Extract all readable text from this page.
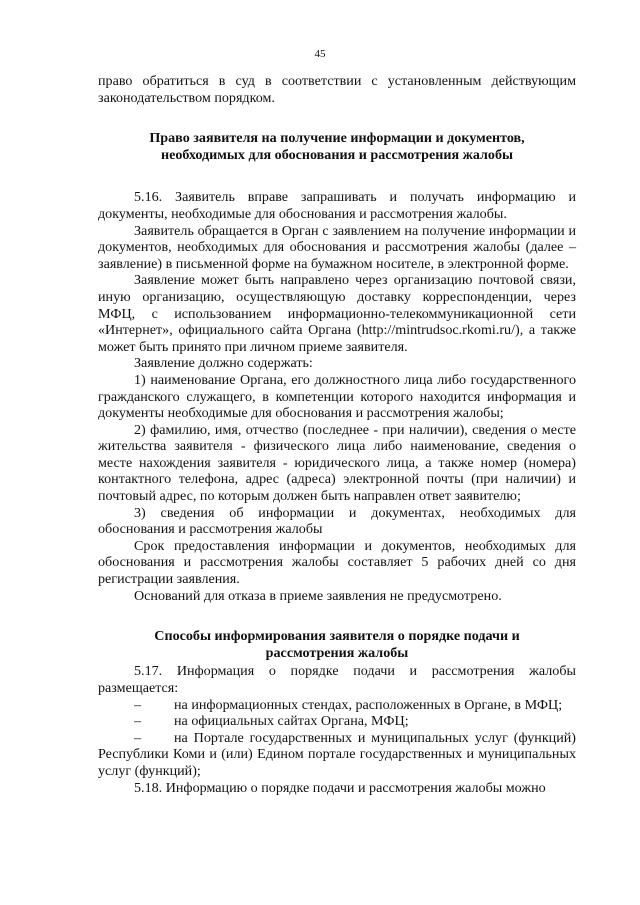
45

право обратиться в суд в соответствии с установленным действующим законодательством порядком.

Право заявителя на получение информации и документов, необходимых для обоснования и рассмотрения жалобы

5.16. Заявитель вправе запрашивать и получать информацию и документы, необходимые для обоснования и рассмотрения жалобы.

Заявитель обращается в Орган с заявлением на получение информации и документов, необходимых для обоснования и рассмотрения жалобы (далее – заявление) в письменной форме на бумажном носителе, в электронной форме.

Заявление может быть направлено через организацию почтовой связи, иную организацию, осуществляющую доставку корреспонденции, через МФЦ, с использованием информационно-телекоммуникационной сети «Интернет», официального сайта Органа (http://mintrudsoc.rkomi.ru/), а также может быть принято при личном приеме заявителя.

Заявление должно содержать:

1) наименование Органа, его должностного лица либо государственного гражданского служащего, в компетенции которого находится информация и документы необходимые для обоснования и рассмотрения жалобы;

2) фамилию, имя, отчество (последнее - при наличии), сведения о месте жительства заявителя - физического лица либо наименование, сведения о месте нахождения заявителя - юридического лица, а также номер (номера) контактного телефона, адрес (адреса) электронной почты (при наличии) и почтовый адрес, по которым должен быть направлен ответ заявителю;

3) сведения об информации и документах, необходимых для обоснования и рассмотрения жалобы

Срок предоставления информации и документов, необходимых для обоснования и рассмотрения жалобы составляет 5 рабочих дней со дня регистрации заявления.

Оснований для отказа в приеме заявления не предусмотрено.

Способы информирования заявителя о порядке подачи и рассмотрения жалобы

5.17. Информация о порядке подачи и рассмотрения жалобы размещается:

–	на информационных стендах, расположенных в Органе, в МФЦ;
–	на официальных сайтах Органа, МФЦ;
–	на Портале государственных и муниципальных услуг (функций)

Республики Коми и (или) Едином портале государственных и муниципальных услуг (функций);

5.18. Информацию о порядке подачи и рассмотрения жалобы можно
